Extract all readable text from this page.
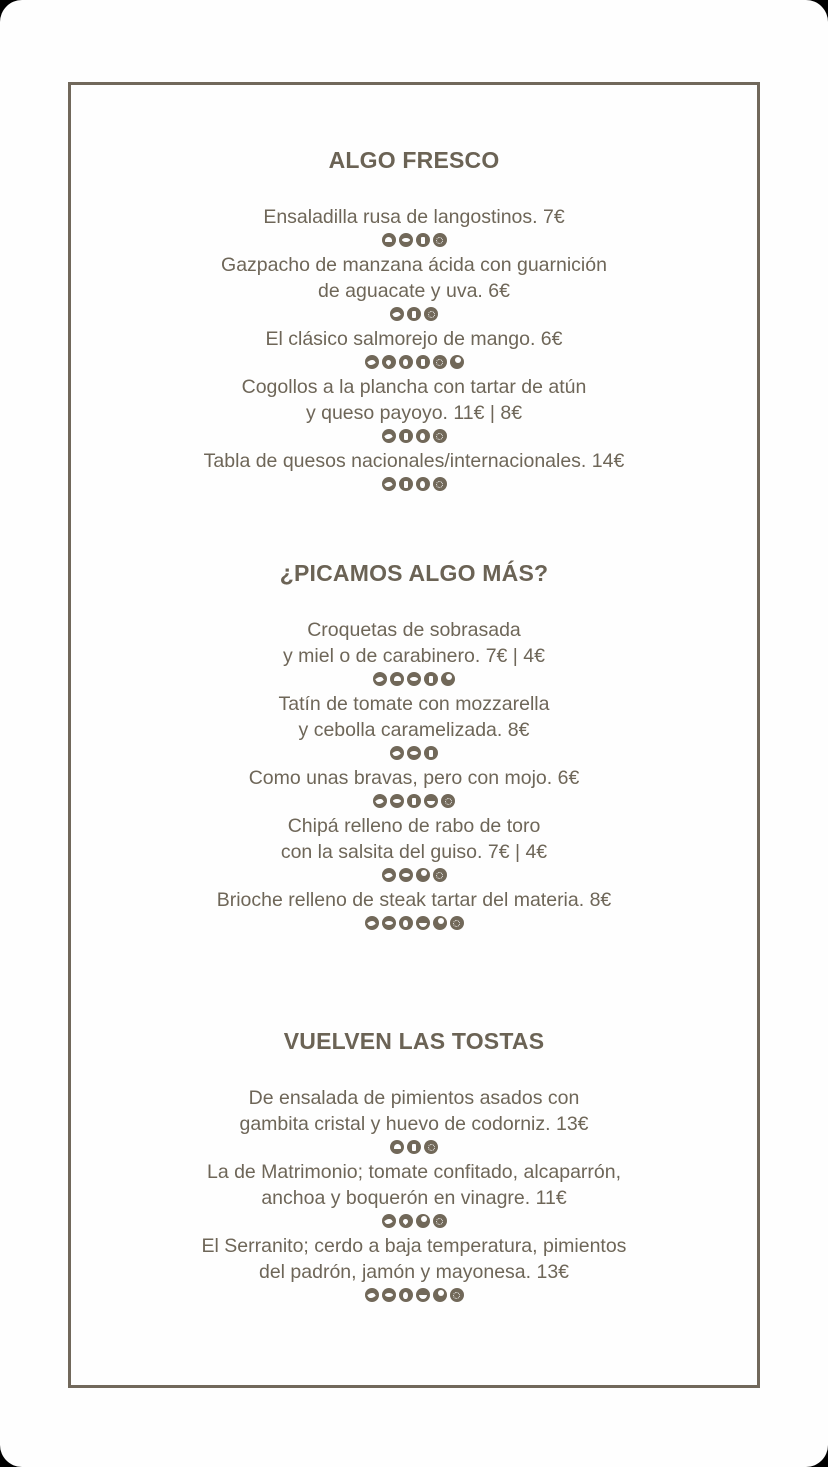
ALGO FRESCO
Ensaladilla rusa de langostinos. 7€
Gazpacho de manzana ácida con guarnición
de aguacate y uva. 6€
El clásico salmorejo de mango. 6€
Cogollos a la plancha con tartar de atún
y queso payoyo. 11€ | 8€
Tabla de quesos nacionales/internacionales. 14€
¿PICAMOS ALGO MÁS?
Croquetas de sobrasada
y miel o de carabinero. 7€ | 4€
Tatín de tomate con mozzarella
y cebolla caramelizada. 8€
Como unas bravas, pero con mojo. 6€
Chipá relleno de rabo de toro
con la salsita del guiso. 7€ | 4€
Brioche relleno de steak tartar del materia. 8€
VUELVEN LAS TOSTAS
De ensalada de pimientos asados con
gambita cristal y huevo de codorniz. 13€
La de Matrimonio; tomate confitado, alcaparrón,
anchoa y boquerón en vinagre. 11€
El Serranito; cerdo a baja temperatura, pimientos
del padrón, jamón y mayonesa. 13€
